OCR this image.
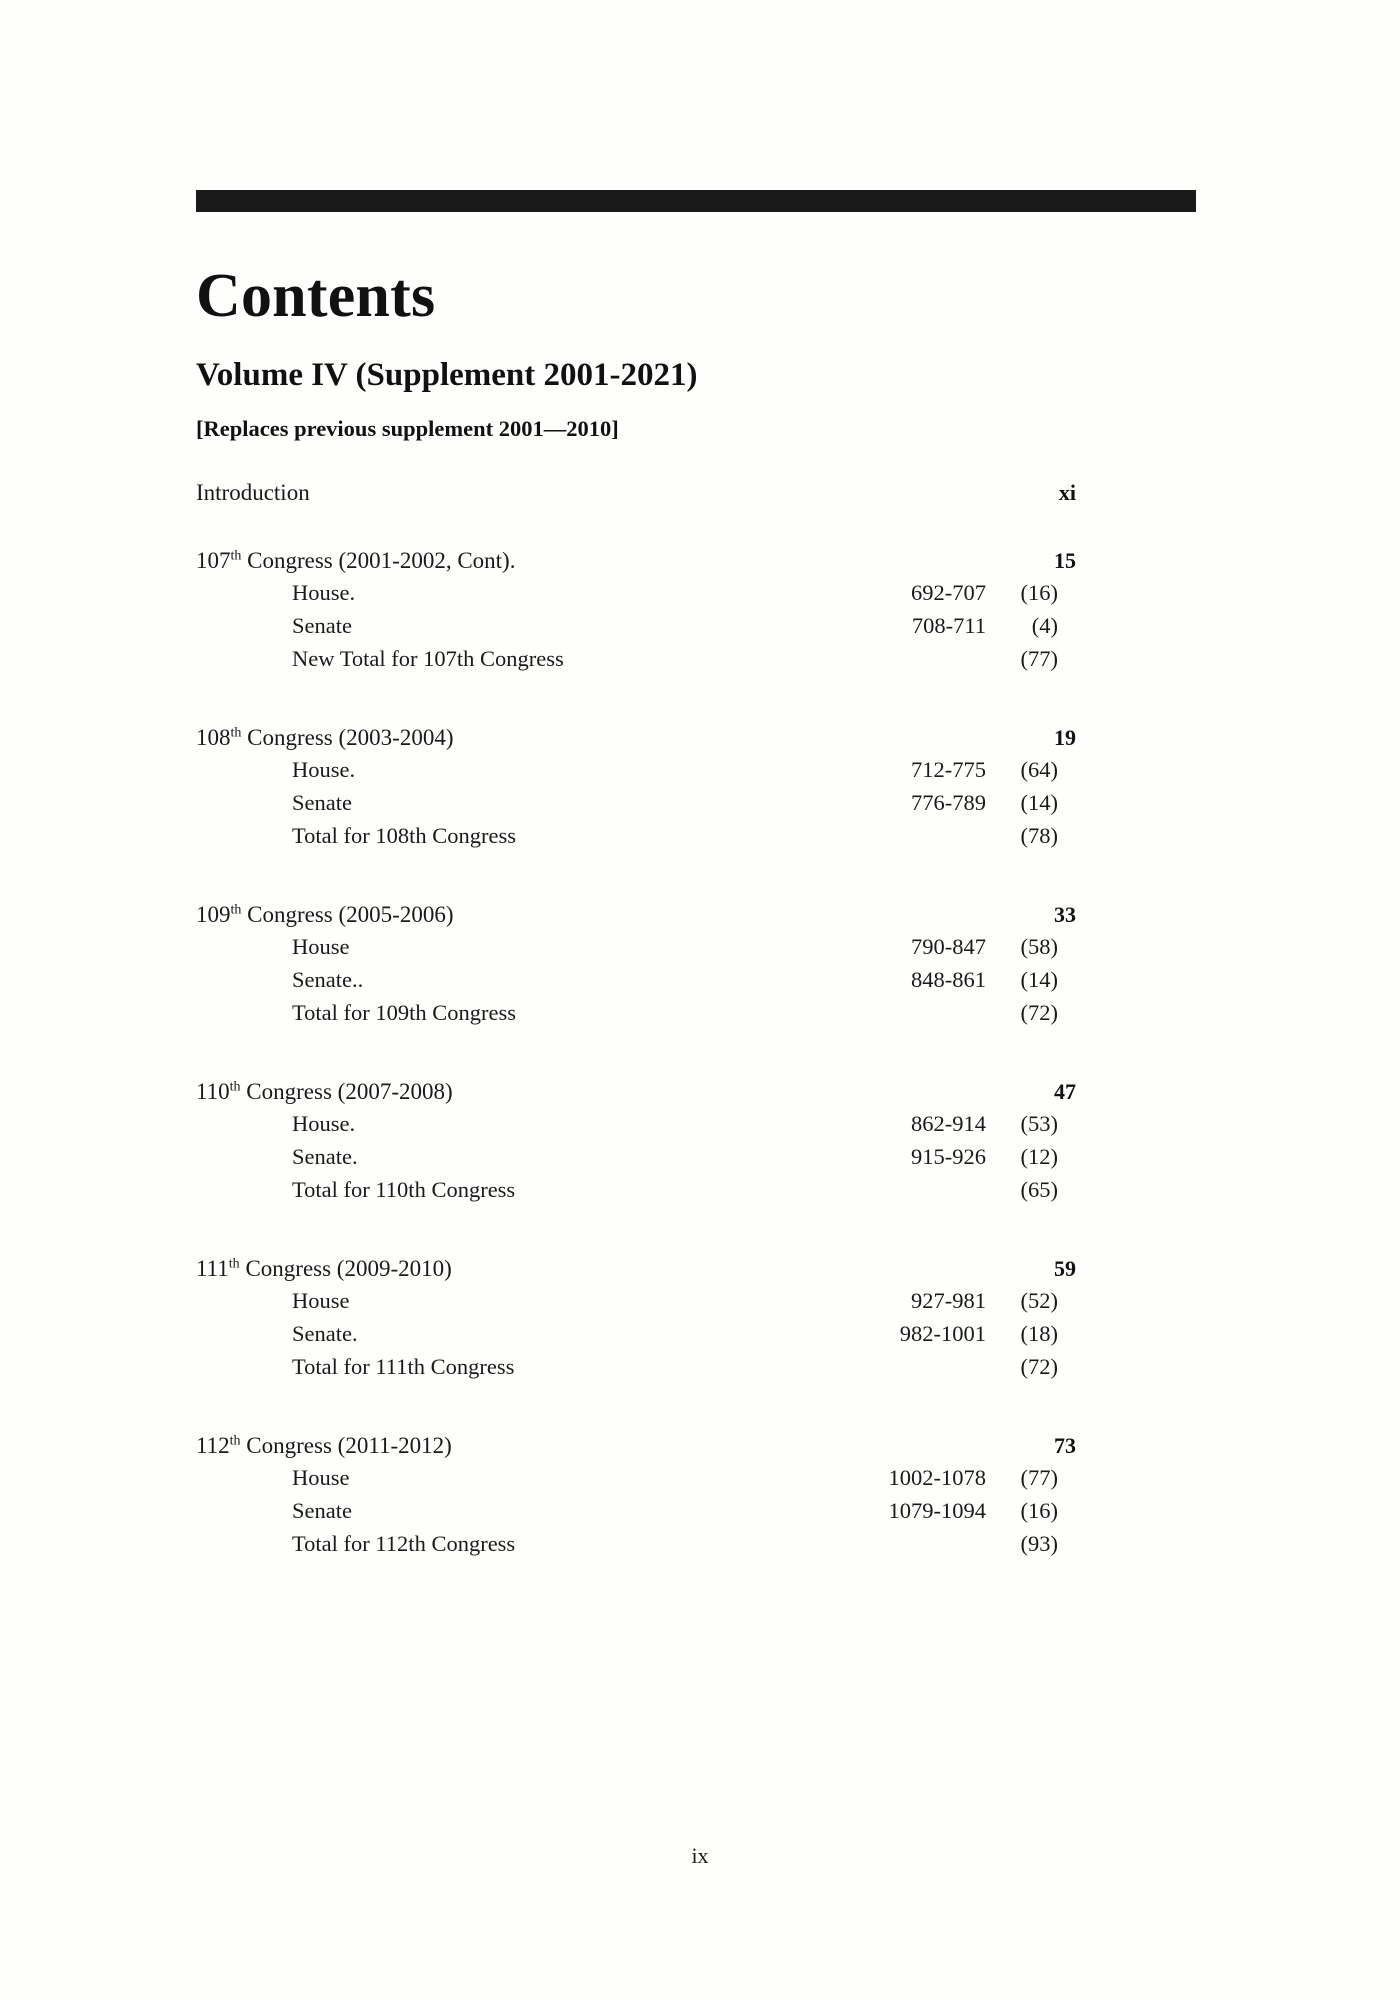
Contents
Volume IV (Supplement 2001-2021)
[Replaces previous supplement 2001—2010]
Introduction	xi
107th Congress (2001-2002, Cont).	15
House.	692-707	(16)
Senate	708-711	(4)
New Total for 107th Congress	(77)
108th Congress (2003-2004)	19
House.	712-775	(64)
Senate	776-789	(14)
Total for 108th Congress	(78)
109th Congress (2005-2006)	33
House	790-847	(58)
Senate..	848-861	(14)
Total for 109th Congress	(72)
110th Congress (2007-2008)	47
House.	862-914	(53)
Senate.	915-926	(12)
Total for 110th Congress	(65)
111th Congress (2009-2010)	59
House	927-981	(52)
Senate.	982-1001	(18)
Total for 111th Congress	(72)
112th Congress (2011-2012)	73
House	1002-1078	(77)
Senate	1079-1094	(16)
Total for 112th Congress	(93)
ix
